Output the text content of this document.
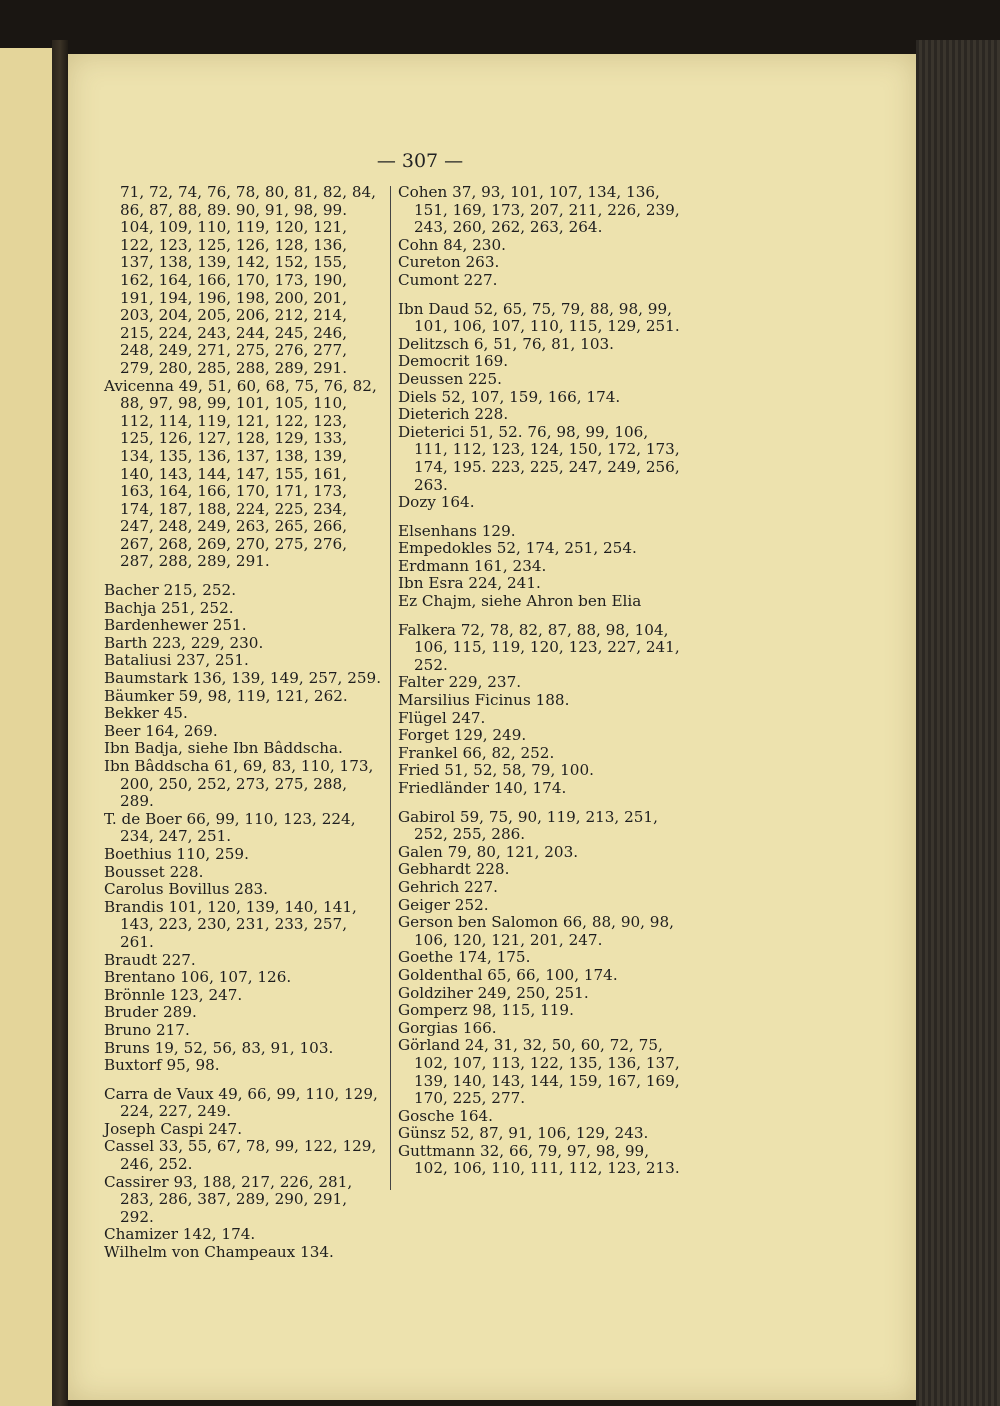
— 307 —
71, 72, 74, 76, 78, 80, 81, 82, 84, 86, 87, 88, 89. 90, 91, 98, 99. 104, 109, 110, 119, 120, 121, 122, 123, 125, 126, 128, 136, 137, 138, 139, 142, 152, 155, 162, 164, 166, 170, 173, 190, 191, 194, 196, 198, 200, 201, 203, 204, 205, 206, 212, 214, 215, 224, 243, 244, 245, 246, 248, 249, 271, 275, 276, 277, 279, 280, 285, 288, 289, 291.
Avicenna 49, 51, 60, 68, 75, 76, 82, 88, 97, 98, 99, 101, 105, 110, 112, 114, 119, 121, 122, 123, 125, 126, 127, 128, 129, 133, 134, 135, 136, 137, 138, 139, 140, 143, 144, 147, 155, 161, 163, 164, 166, 170, 171, 173, 174, 187, 188, 224, 225, 234, 247, 248, 249, 263, 265, 266, 267, 268, 269, 270, 275, 276, 287, 288, 289, 291.
Bacher 215, 252.
Bachja 251, 252.
Bardenhewer 251.
Barth 223, 229, 230.
Bataliusi 237, 251.
Baumstark 136, 139, 149, 257, 259.
Bäumker 59, 98, 119, 121, 262.
Bekker 45.
Beer 164, 269.
Ibn Badja, siehe Ibn Bâddscha.
Ibn Bâddscha 61, 69, 83, 110, 173, 200, 250, 252, 273, 275, 288, 289.
T. de Boer 66, 99, 110, 123, 224, 234, 247, 251.
Boethius 110, 259.
Bousset 228.
Carolus Bovillus 283.
Brandis 101, 120, 139, 140, 141, 143, 223, 230, 231, 233, 257, 261.
Braudt 227.
Brentano 106, 107, 126.
Brönnle 123, 247.
Bruder 289.
Bruno 217.
Bruns 19, 52, 56, 83, 91, 103.
Buxtorf 95, 98.
Carra de Vaux 49, 66, 99, 110, 129, 224, 227, 249.
Joseph Caspi 247.
Cassel 33, 55, 67, 78, 99, 122, 129, 246, 252.
Cassirer 93, 188, 217, 226, 281, 283, 286, 387, 289, 290, 291, 292.
Chamizer 142, 174.
Wilhelm von Champeaux 134.
Cohen 37, 93, 101, 107, 134, 136, 151, 169, 173, 207, 211, 226, 239, 243, 260, 262, 263, 264.
Cohn 84, 230.
Cureton 263.
Cumont 227.
Ibn Daud 52, 65, 75, 79, 88, 98, 99, 101, 106, 107, 110, 115, 129, 251.
Delitzsch 6, 51, 76, 81, 103.
Democrit 169.
Deussen 225.
Diels 52, 107, 159, 166, 174.
Dieterich 228.
Dieterici 51, 52. 76, 98, 99, 106, 111, 112, 123, 124, 150, 172, 173, 174, 195. 223, 225, 247, 249, 256, 263.
Dozy 164.
Elsenhans 129.
Empedokles 52, 174, 251, 254.
Erdmann 161, 234.
Ibn Esra 224, 241.
Ez Chajm, siehe Ahron ben Elia
Falkera 72, 78, 82, 87, 88, 98, 104, 106, 115, 119, 120, 123, 227, 241, 252.
Falter 229, 237.
Marsilius Ficinus 188.
Flügel 247.
Forget 129, 249.
Frankel 66, 82, 252.
Fried 51, 52, 58, 79, 100.
Friedländer 140, 174.
Gabirol 59, 75, 90, 119, 213, 251, 252, 255, 286.
Galen 79, 80, 121, 203.
Gebhardt 228.
Gehrich 227.
Geiger 252.
Gerson ben Salomon 66, 88, 90, 98, 106, 120, 121, 201, 247.
Goethe 174, 175.
Goldenthal 65, 66, 100, 174.
Goldziher 249, 250, 251.
Gomperz 98, 115, 119.
Gorgias 166.
Görland 24, 31, 32, 50, 60, 72, 75, 102, 107, 113, 122, 135, 136, 137, 139, 140, 143, 144, 159, 167, 169, 170, 225, 277.
Gosche 164.
Günsz 52, 87, 91, 106, 129, 243.
Guttmann 32, 66, 79, 97, 98, 99, 102, 106, 110, 111, 112, 123, 213.
